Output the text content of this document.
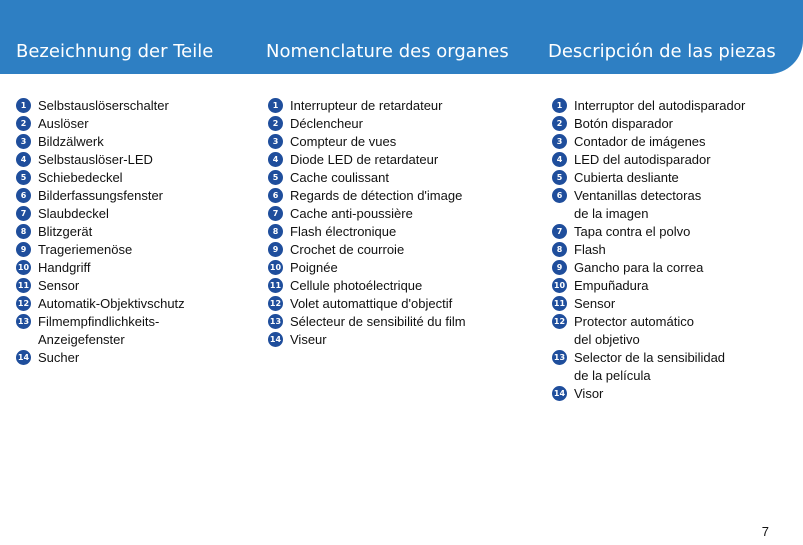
Bezeichnung der Teile	Nomenclature des organes Descripción de las piezas
1 Selbstauslöserschalter
2 Auslöser
3 Bildzälwerk
4 Selbstauslöser-LED
5 Schiebedeckel
6 Bilderfassungsfenster
7 Slaubdeckel
8 Blitzgerät
9 Trageriemenöse
10 Handgriff
11 Sensor
12 Automatik-Objektivschutz
13 Filmempfindlichkeits-
Anzeigefenster
14 Sucher
1 Interrupteur de retardateur
2 Déclencheur
3 Compteur de vues
4 Diode LED de retardateur
5 Cache coulissant
6 Regards de détection d'image
7 Cache anti-poussière
8 Flash électronique
9 Crochet de courroie
10 Poignée
11 Cellule photoélectrique
12 Volet automattique d'objectif
13 Sélecteur de sensibilité du film
14 Viseur
1 Interruptor del autodisparador
2 Botón disparador
3 Contador de imágenes
4 LED del autodisparador
5 Cubierta desliante
6 Ventanillas detectoras
de la imagen
7 Tapa contra el polvo
8 Flash
9 Gancho para la correa
10 Empuñadura
11 Sensor
12 Protector automático
del objetivo
13 Selector de la sensibilidad
de la película
14 Visor
7
